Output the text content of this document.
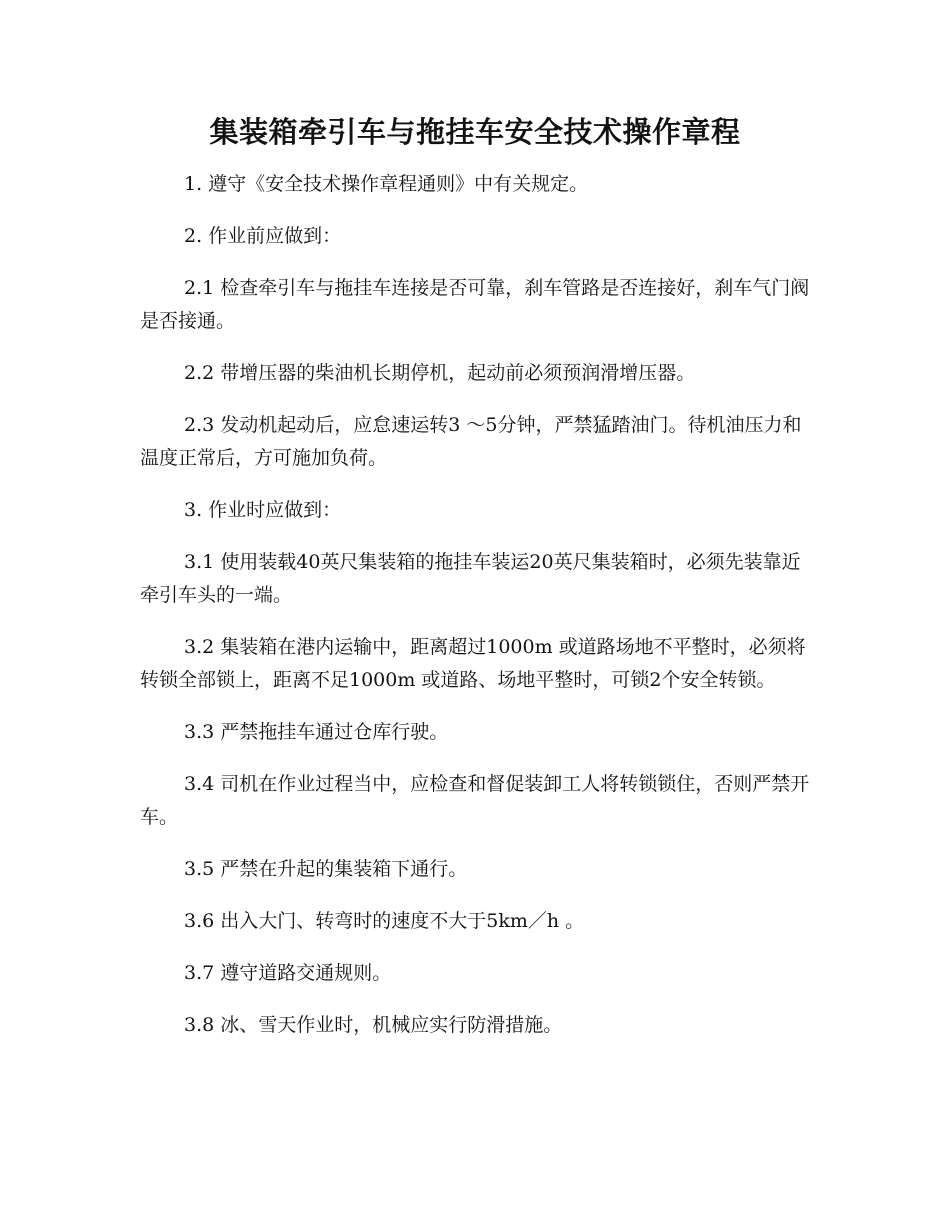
集装箱牵引车与拖挂车安全技术操作章程

1. 遵守《安全技术操作章程通则》中有关规定。

2. 作业前应做到：

2.1 检查牵引车与拖挂车连接是否可靠，刹车管路是否连接好，刹车气门阀是否接通。

2.2 带增压器的柴油机长期停机，起动前必须预润滑增压器。

2.3 发动机起动后，应怠速运转3 ～5分钟，严禁猛踏油门。待机油压力和温度正常后，方可施加负荷。

3. 作业时应做到：

3.1 使用装载40英尺集装箱的拖挂车装运20英尺集装箱时，必须先装靠近牵引车头的一端。

3.2 集装箱在港内运输中，距离超过1000m 或道路场地不平整时，必须将转锁全部锁上，距离不足1000m 或道路、场地平整时，可锁2个安全转锁。

3.3 严禁拖挂车通过仓库行驶。

3.4 司机在作业过程当中，应检查和督促装卸工人将转锁锁住，否则严禁开车。

3.5 严禁在升起的集装箱下通行。

3.6 出入大门、转弯时的速度不大于5km／h 。

3.7 遵守道路交通规则。

3.8 冰、雪天作业时，机械应实行防滑措施。
